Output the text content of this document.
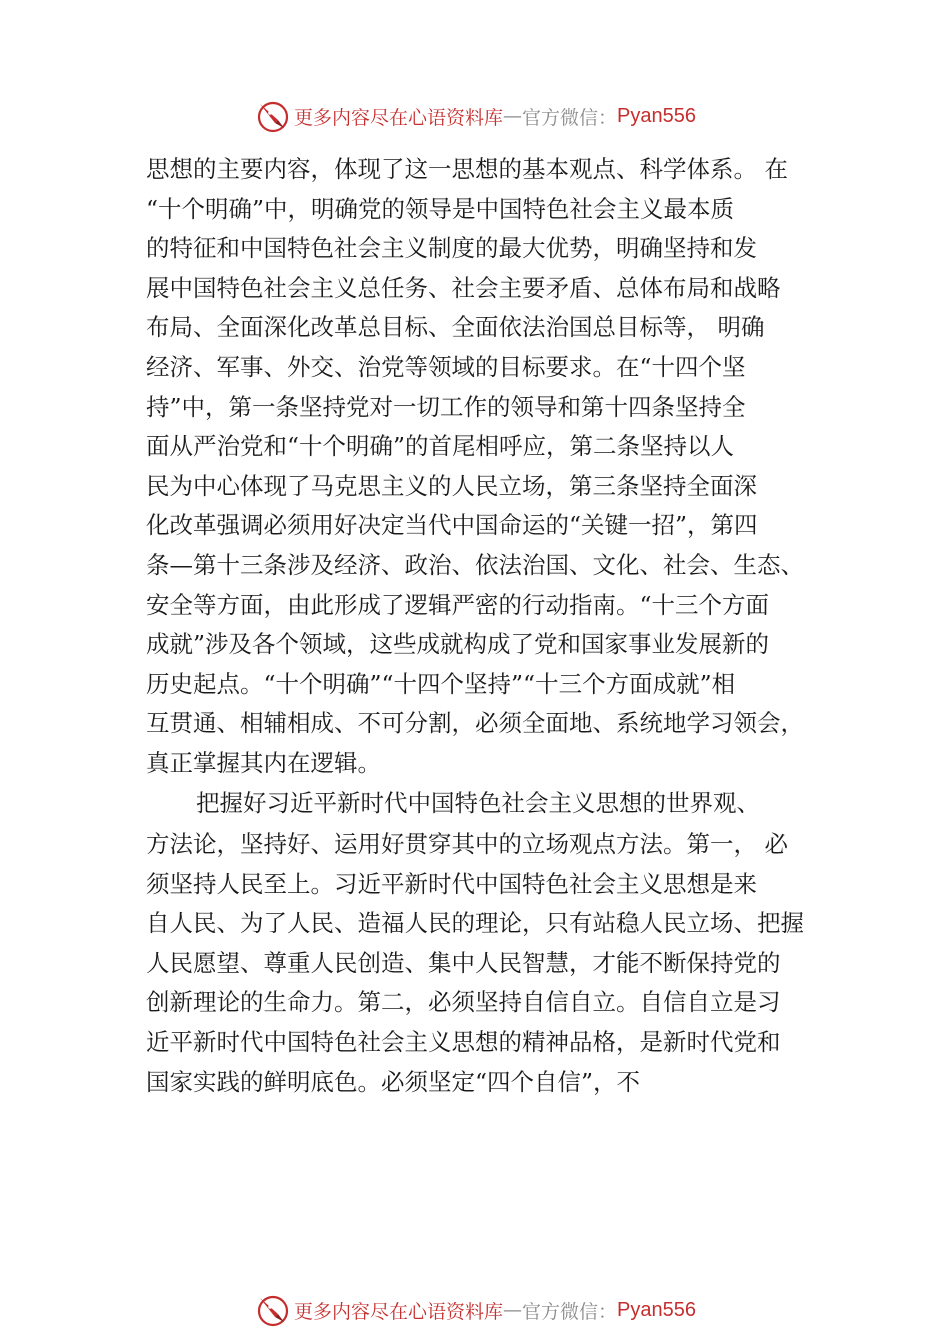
更多内容尽在心语资料库 — 官方微信： Pyan556
思想的主要内容，体现了这一思想的基本观点、科学体系。 在
“十个明确”中，明确党的领导是中国特色社会主义最本质
的特征和中国特色社会主义制度的最大优势，明确坚持和发
展中国特色社会主义总任务、社会主要矛盾、总体布局和战略
布局、全面深化改革总目标、全面依法治国总目标等， 明确
经济、军事、外交、治党等领域的目标要求。在“十四个坚
持”中，第一条坚持党对一切工作的领导和第十四条坚持全
面从严治党和“十个明确”的首尾相呼应，第二条坚持以人
民为中心体现了马克思主义的人民立场，第三条坚持全面深
化改革强调必须用好决定当代中国命运的“关键一招”，第四
条—第十三条涉及经济、政治、依法治国、文化、社会、生态、
安全等方面，由此形成了逻辑严密的行动指南。“十三个方面
成就”涉及各个领域，这些成就构成了党和国家事业发展新的
历史起点。“十个明确”“十四个坚持”“十三个方面成就”相
互贯通、相辅相成、不可分割，必须全面地、系统地学习领会，
真正掌握其内在逻辑。
把握好习近平新时代中国特色社会主义思想的世界观、
方法论，坚持好、运用好贯穿其中的立场观点方法。第一， 必
须坚持人民至上。习近平新时代中国特色社会主义思想是来
自人民、为了人民、造福人民的理论，只有站稳人民立场、把握
人民愿望、尊重人民创造、集中人民智慧，才能不断保持党的
创新理论的生命力。第二，必须坚持自信自立。自信自立是习
近平新时代中国特色社会主义思想的精神品格，是新时代党和
国家实践的鲜明底色。必须坚定“四个自信”，不
更多内容尽在心语资料库 — 官方微信： Pyan556
